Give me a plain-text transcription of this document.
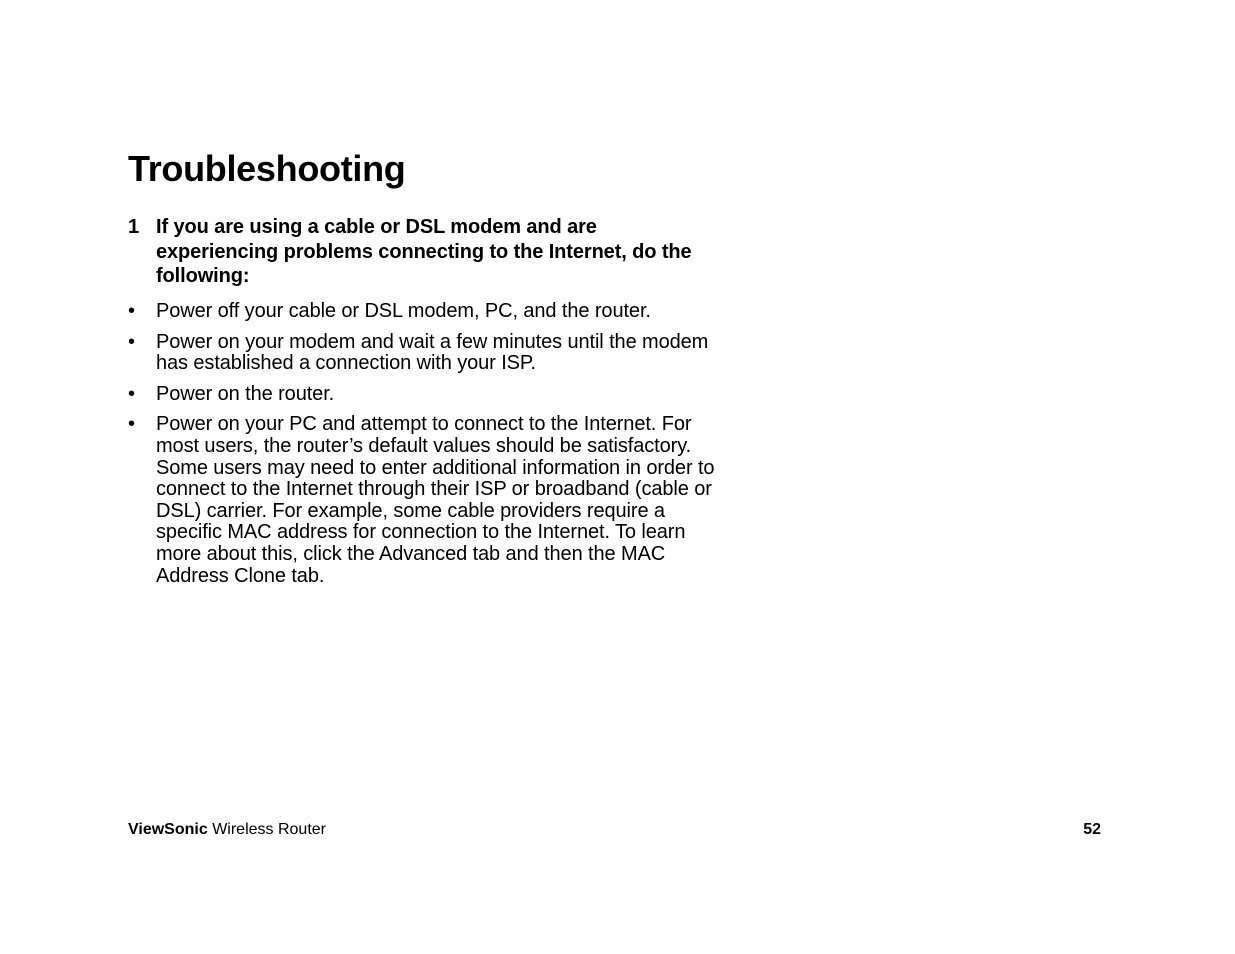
Troubleshooting
1 If you are using a cable or DSL modem and are experiencing problems connecting to the Internet, do the following:

• Power off your cable or DSL modem, PC, and the router.
• Power on your modem and wait a few minutes until the modem has established a connection with your ISP.
• Power on the router.
• Power on your PC and attempt to connect to the Internet. For most users, the router’s default values should be satisfactory. Some users may need to enter additional information in order to connect to the Internet through their ISP or broadband (cable or DSL) carrier. For example, some cable providers require a specific MAC address for connection to the Internet. To learn more about this, click the Advanced tab and then the MAC Address Clone tab.
ViewSonic Wireless Router	52
